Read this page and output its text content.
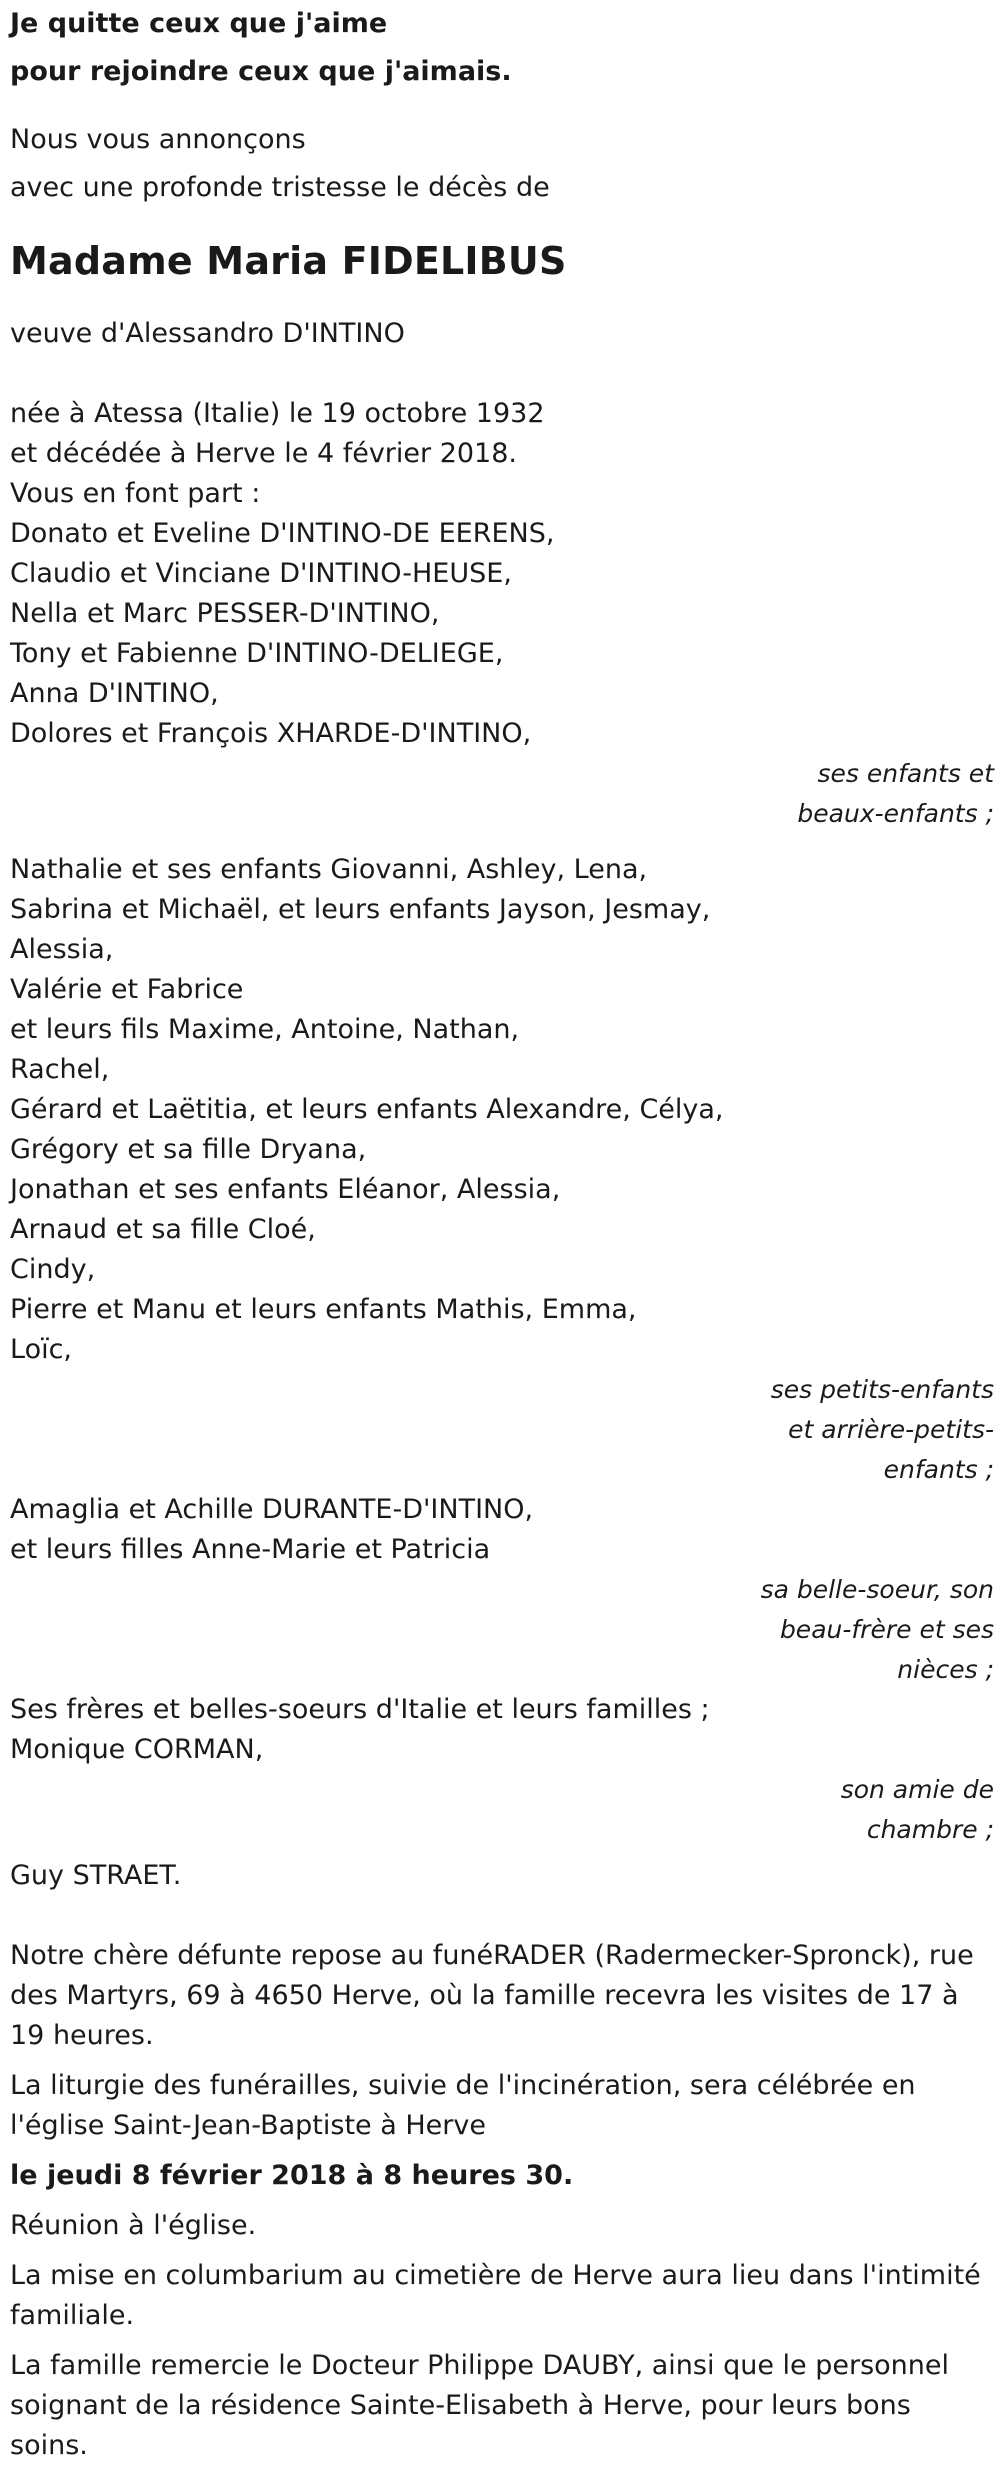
Je quitte ceux que j'aime
pour rejoindre ceux que j'aimais.
Nous vous annonçons
avec une profonde tristesse le décès de
Madame Maria FIDELIBUS
veuve d'Alessandro D'INTINO
née à Atessa (Italie) le 19 octobre 1932
et décédée à Herve le 4 février 2018.
Vous en font part :
Donato et Eveline D'INTINO-DE EERENS,
Claudio et Vinciane D'INTINO-HEUSE,
Nella et Marc PESSER-D'INTINO,
Tony et Fabienne D'INTINO-DELIEGE,
Anna D'INTINO,
Dolores et François XHARDE-D'INTINO,
ses enfants et
beaux-enfants ;
Nathalie et ses enfants Giovanni, Ashley, Lena,
Sabrina et Michaël, et leurs enfants Jayson, Jesmay,
Alessia,
Valérie et Fabrice
et leurs fils Maxime, Antoine, Nathan,
Rachel,
Gérard et Laëtitia, et leurs enfants Alexandre, Célya,
Grégory et sa fille Dryana,
Jonathan et ses enfants Eléanor, Alessia,
Arnaud et sa fille Cloé,
Cindy,
Pierre et Manu et leurs enfants Mathis, Emma,
Loïc,
ses petits-enfants
et arrière-petits-
enfants ;
Amaglia et Achille DURANTE-D'INTINO,
et leurs filles Anne-Marie et Patricia
sa belle-soeur, son
beau-frère et ses
nièces ;
Ses frères et belles-soeurs d'Italie et leurs familles ;
Monique CORMAN,
son amie de
chambre ;
Guy STRAET.
Notre chère défunte repose au funéRADER (Radermecker-Spronck), rue des Martyrs, 69 à 4650 Herve, où la famille recevra les visites de 17 à 19 heures.
La liturgie des funérailles, suivie de l'incinération, sera célébrée en l'église Saint-Jean-Baptiste à Herve
le jeudi 8 février 2018 à 8 heures 30.
Réunion à l'église.
La mise en columbarium au cimetière de Herve aura lieu dans l'intimité familiale.
La famille remercie le Docteur Philippe DAUBY, ainsi que le personnel soignant de la résidence Sainte-Elisabeth à Herve, pour leurs bons soins.
